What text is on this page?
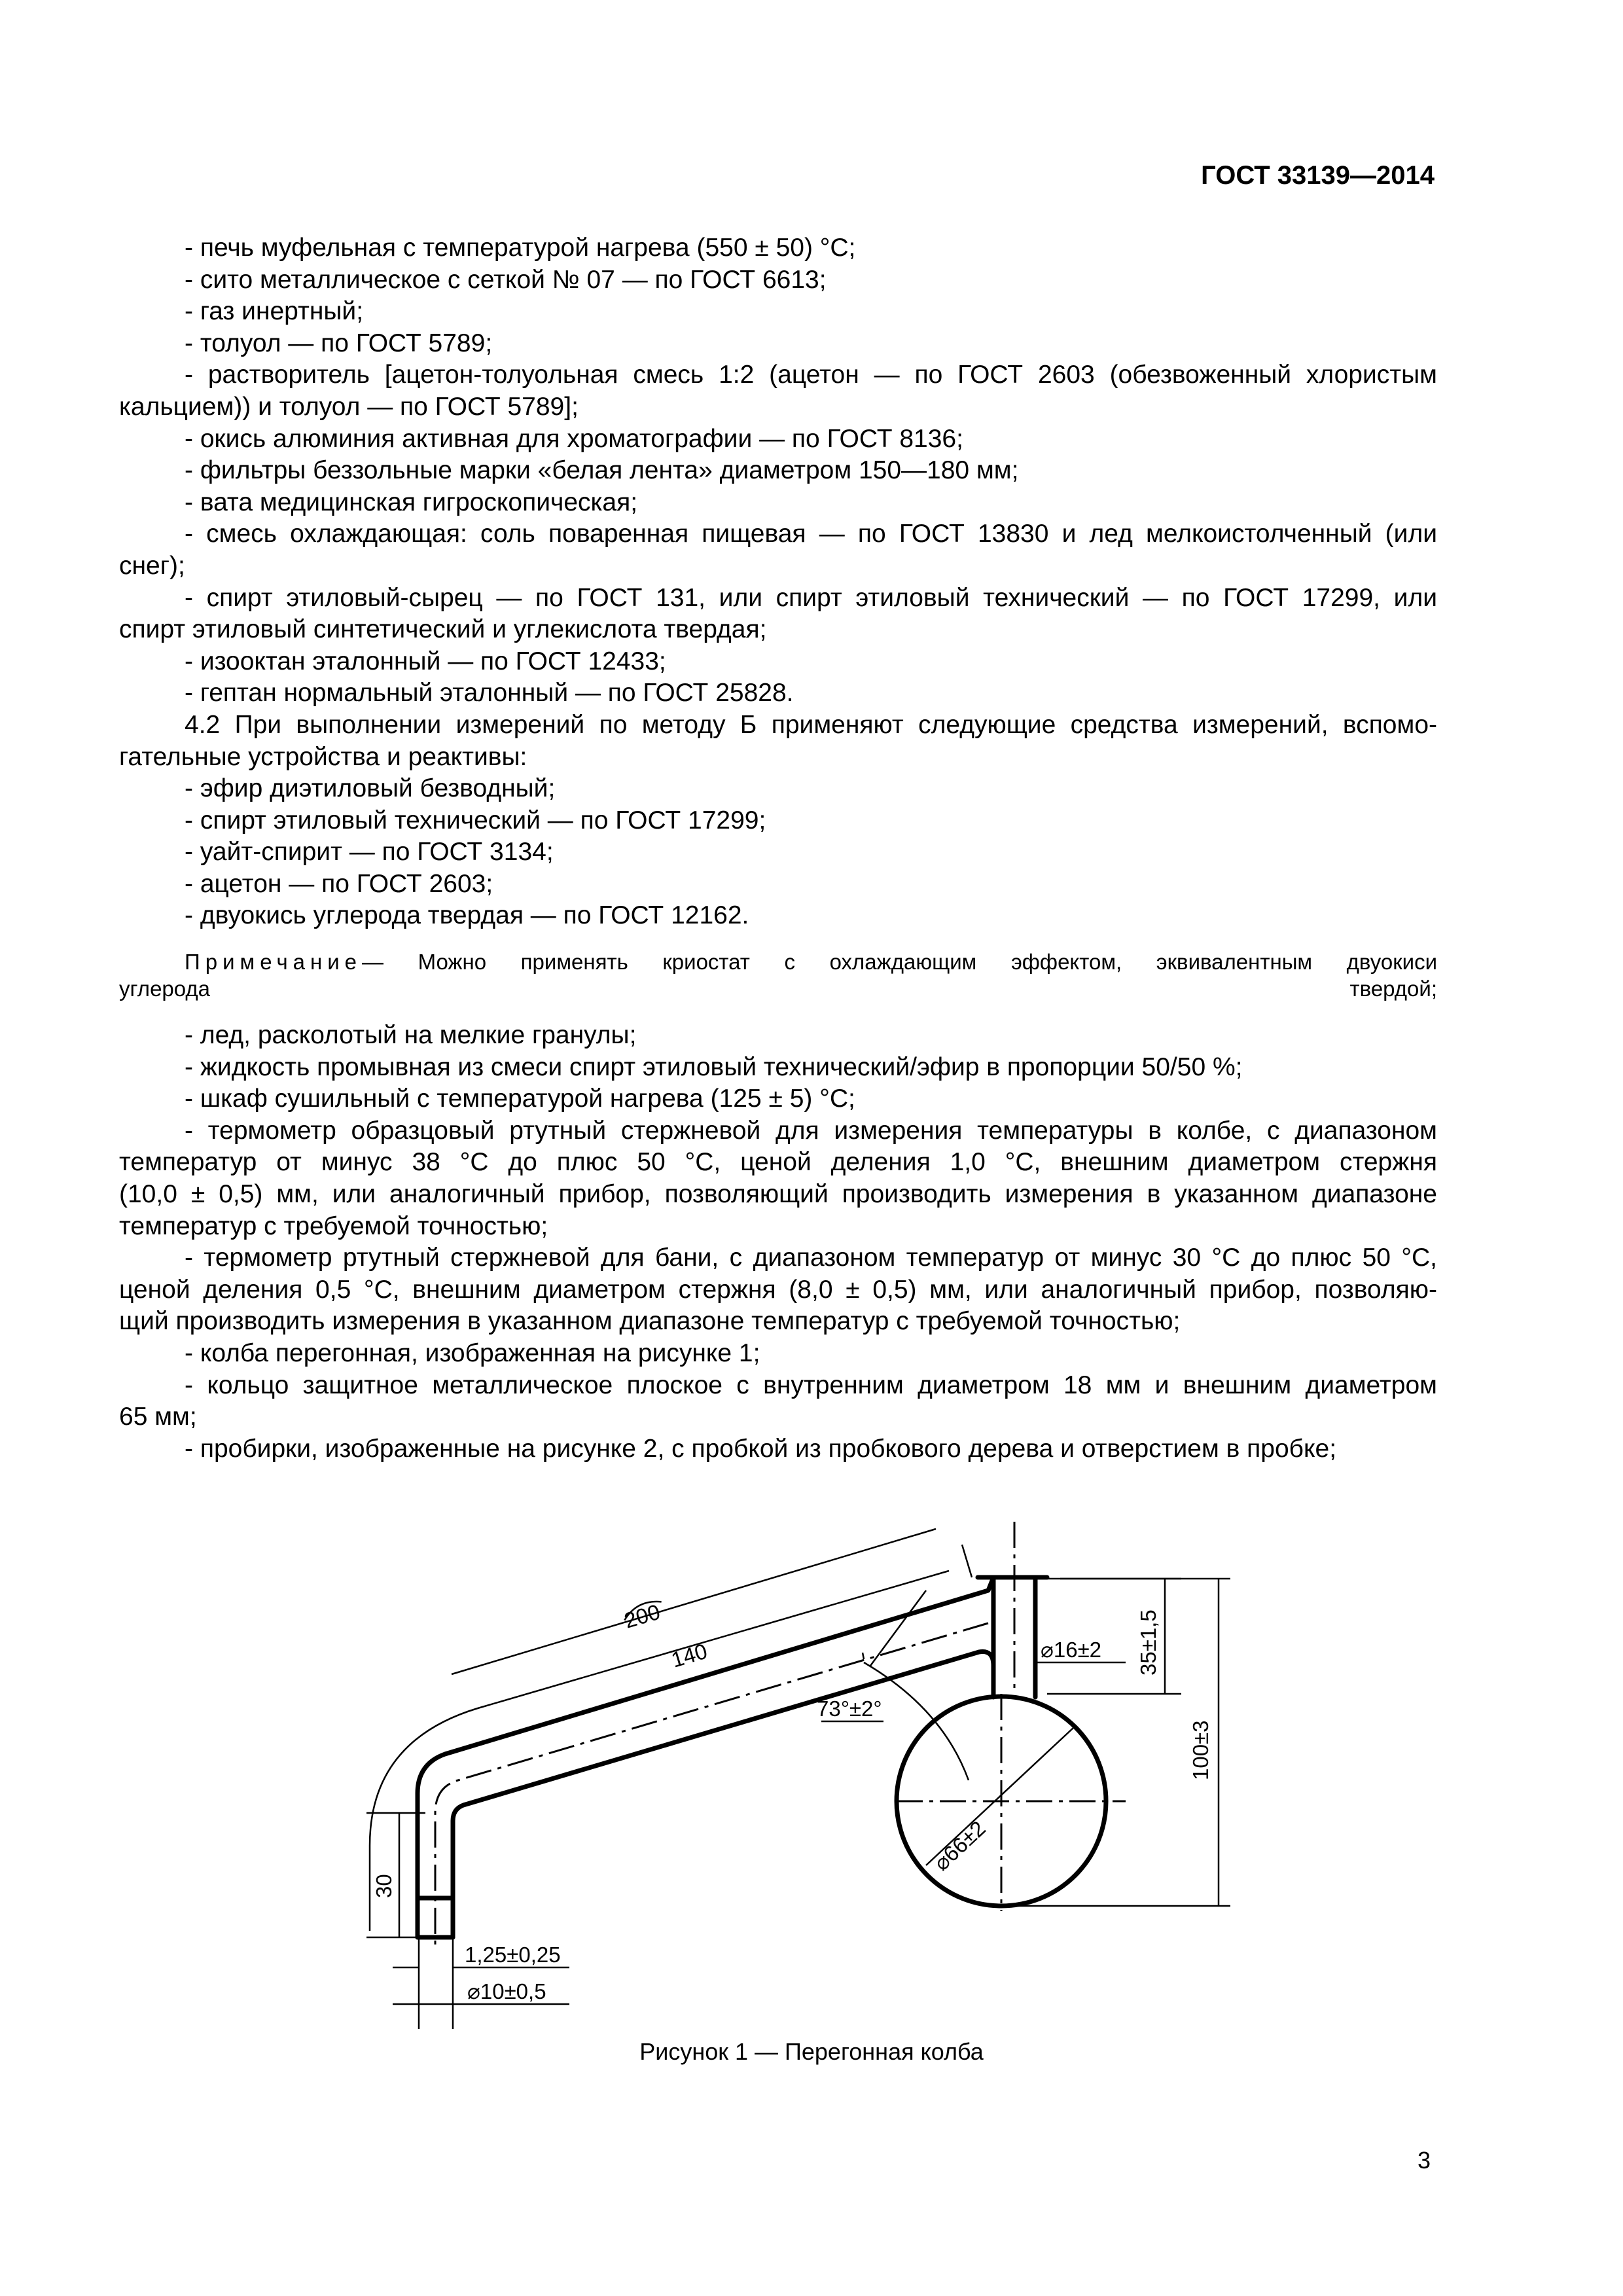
ГОСТ 33139—2014

- печь муфельная с температурой нагрева (550 ± 50) °С;

- сито металлическое с сеткой № 07 — по ГОСТ 6613;

- газ инертный;

- толуол — по ГОСТ 5789;

- растворитель [ацетон-толуольная смесь 1:2 (ацетон — по ГОСТ 2603 (обезвоженный хлористым

кальцием)) и толуол — по ГОСТ 5789];

- окись алюминия активная для хроматографии — по ГОСТ 8136;

- фильтры беззольные марки «белая лента» диаметром 150—180 мм;

- вата медицинская гигроскопическая;

- смесь охлаждающая: соль поваренная пищевая — по ГОСТ 13830 и лед мелкоистолченный (или

снег);

- спирт этиловый-сырец — по ГОСТ 131, или спирт этиловый технический — по ГОСТ 17299, или

спирт этиловый синтетический и углекислота твердая;

- изооктан эталонный — по ГОСТ 12433;

- гептан нормальный эталонный — по ГОСТ 25828.

4.2 При выполнении измерений по методу Б применяют следующие средства измерений, вспомо-

гательные устройства и реактивы:

- эфир диэтиловый безводный;

- спирт этиловый технический — по ГОСТ 17299;

- уайт-спирит — по ГОСТ 3134;

- ацетон — по ГОСТ 2603;

- двуокись углерода твердая — по ГОСТ 12162.

Примечание— Можно применять криостат с охлаждающим эффектом, эквивалентным двуокиси
углерода твердой;

- лед, расколотый на мелкие гранулы;

- жидкость промывная из смеси спирт этиловый технический/эфир в пропорции 50/50 %;

- шкаф сушильный с температурой нагрева (125 ± 5) °С;

- термометр образцовый ртутный стержневой для измерения температуры в колбе, с диапазоном

температур от минус 38 °С до плюс 50 °С, ценой деления 1,0 °С, внешним диаметром стержня

(10,0 ± 0,5) мм, или аналогичный прибор, позволяющий производить измерения в указанном диапазоне

температур с требуемой точностью;

- термометр ртутный стержневой для бани, с диапазоном температур от минус 30 °С до плюс 50 °С,

ценой деления 0,5 °С, внешним диаметром стержня (8,0 ± 0,5) мм, или аналогичный прибор, позволяю-

щий производить измерения в указанном диапазоне температур с требуемой точностью;

- колба перегонная, изображенная на рисунке 1;

- кольцо защитное металлическое плоское с внутренним диаметром 18 мм и внешним диаметром

65 мм;

- пробирки, изображенные на рисунке 2, с пробкой из пробкового дерева и отверстием в пробке;

200
140	⌀16±2 35±1,5
100±3
73°±2°
⌀66±2
30
1,25±0,25
⌀10±0,5
Рисунок 1 — Перегонная колба
3
